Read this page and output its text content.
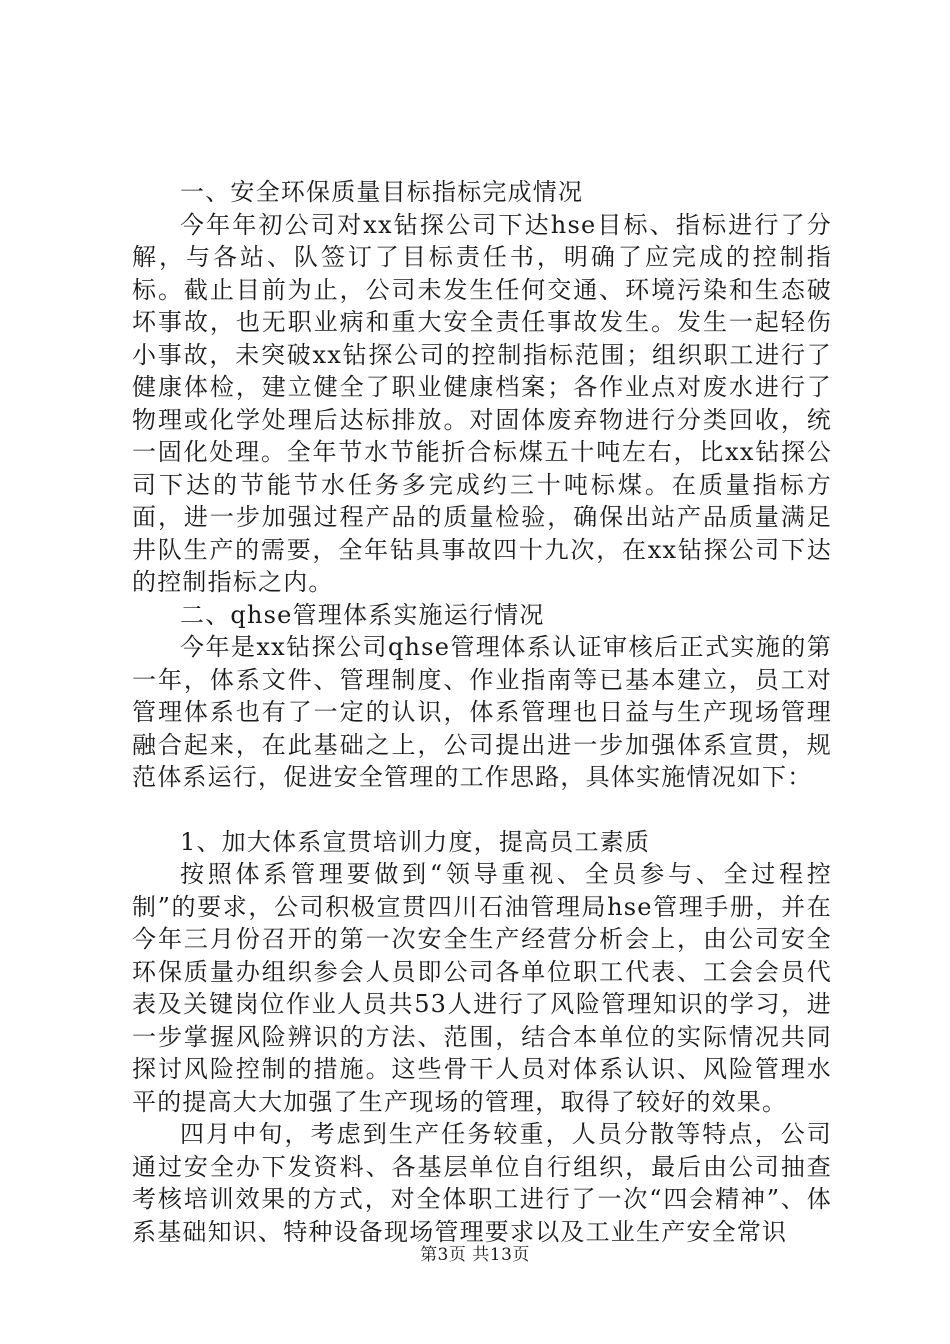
一、安全环保质量目标指标完成情况

今年年初公司对xx钻探公司下达hse目标、指标进行了分解，与各站、队签订了目标责任书，明确了应完成的控制指标。截止目前为止，公司未发生任何交通、环境污染和生态破坏事故，也无职业病和重大安全责任事故发生。发生一起轻伤小事故，未突破xx钻探公司的控制指标范围；组织职工进行了健康体检，建立健全了职业健康档案；各作业点对废水进行了物理或化学处理后达标排放。对固体废弃物进行分类回收，统一固化处理。全年节水节能折合标煤五十吨左右，比xx钻探公司下达的节能节水任务多完成约三十吨标煤。在质量指标方面，进一步加强过程产品的质量检验，确保出站产品质量满足井队生产的需要，全年钻具事故四十九次，在xx钻探公司下达的控制指标之内。

二、qhse管理体系实施运行情况

今年是xx钻探公司qhse管理体系认证审核后正式实施的第一年，体系文件、管理制度、作业指南等已基本建立，员工对管理体系也有了一定的认识，体系管理也日益与生产现场管理融合起来，在此基础之上，公司提出进一步加强体系宣贯，规范体系运行，促进安全管理的工作思路，具体实施情况如下：

1、加大体系宣贯培训力度，提高员工素质

按照体系管理要做到“领导重视、全员参与、全过程控制”的要求，公司积极宣贯四川石油管理局hse管理手册，并在今年三月份召开的第一次安全生产经营分析会上，由公司安全环保质量办组织参会人员即公司各单位职工代表、工会会员代表及关键岗位作业人员共53人进行了风险管理知识的学习，进一步掌握风险辨识的方法、范围，结合本单位的实际情况共同探讨风险控制的措施。这些骨干人员对体系认识、风险管理水平的提高大大加强了生产现场的管理，取得了较好的效果。

四月中旬，考虑到生产任务较重，人员分散等特点，公司通过安全办下发资料、各基层单位自行组织，最后由公司抽查考核培训效果的方式，对全体职工进行了一次“四会精神”、体系基础知识、特种设备现场管理要求以及工业生产安全常识

第3页 共13页
